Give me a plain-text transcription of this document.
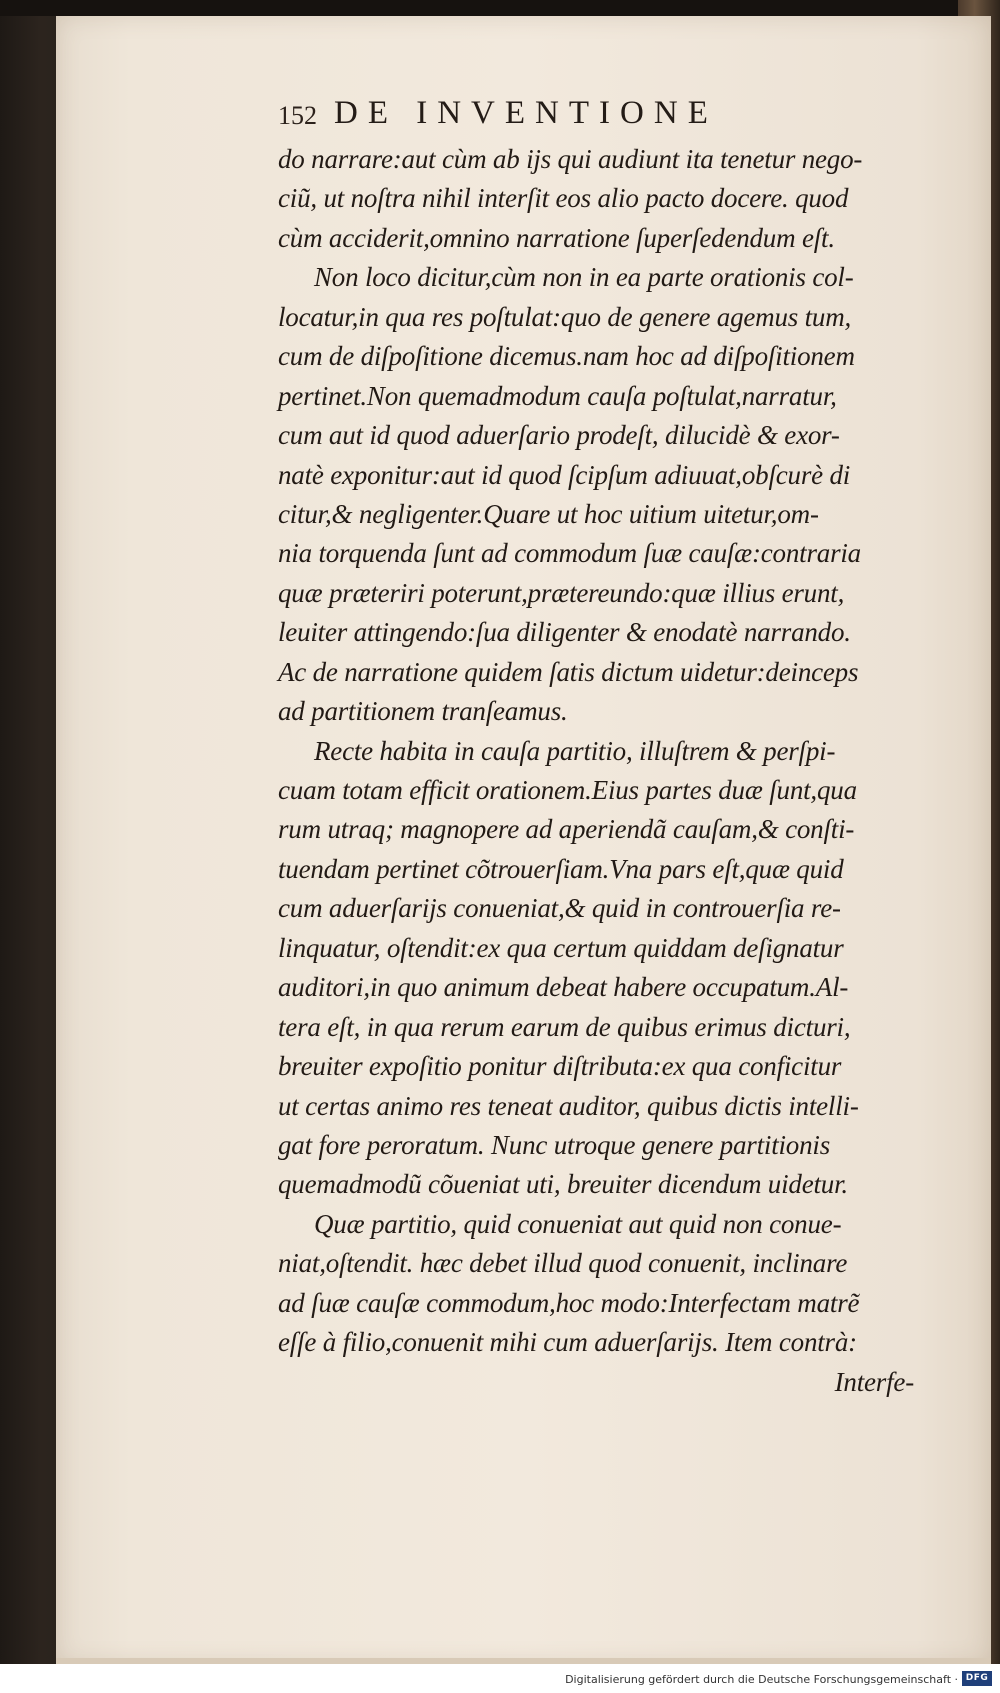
152 DE INVENTIONE
do narrare:aut cùm ab ijs qui audiunt ita tenetur nego-
ciũ, ut noſtra nihil interſit eos alio pacto docere. quod
cùm acciderit,omnino narratione ſuperſedendum eſt.
Non loco dicitur,cùm non in ea parte orationis col-
locatur,in qua res poſtulat:quo de genere agemus tum,
cum de diſpoſitione dicemus.nam hoc ad diſpoſitionem
pertinet.Non quemadmodum cauſa poſtulat,narratur,
cum aut id quod aduerſario prodeſt, dilucidè & exor-
natè exponitur:aut id quod ſcipſum adiuuat,obſcurè di
citur,& negligenter.Quare ut hoc uitium uitetur,om-
nia torquenda ſunt ad commodum ſuæ cauſæ:contraria
quæ præteriri poterunt,prætereundo:quæ illius erunt,
leuiter attingendo:ſua diligenter & enodatè narrando.
Ac de narratione quidem ſatis dictum uidetur:deinceps
ad partitionem tranſeamus.
Recte habita in cauſa partitio, illuſtrem & perſpi-
cuam totam efficit orationem.Eius partes duæ ſunt,qua
rum utraq; magnopere ad aperiendã cauſam,& conſti-
tuendam pertinet cõtrouerſiam.Vna pars eſt,quæ quid
cum aduerſarijs conueniat,& quid in controuerſia re-
linquatur, oſtendit:ex qua certum quiddam deſignatur
auditori,in quo animum debeat habere occupatum.Al-
tera eſt, in qua rerum earum de quibus erimus dicturi,
breuiter expoſitio ponitur diſtributa:ex qua conficitur
ut certas animo res teneat auditor, quibus dictis intelli-
gat fore peroratum. Nunc utroque genere partitionis
quemadmodũ cõueniat uti, breuiter dicendum uidetur.
Quæ partitio, quid conueniat aut quid non conue-
niat,oſtendit. hæc debet illud quod conuenit, inclinare
ad ſuæ cauſæ commodum,hoc modo:Interfectam matrẽ
eſſe à filio,conuenit mihi cum aduerſarijs. Item contrà:
Interfe-
Digitalisierung gefördert durch die Deutsche Forschungsgemeinschaft · DFG
